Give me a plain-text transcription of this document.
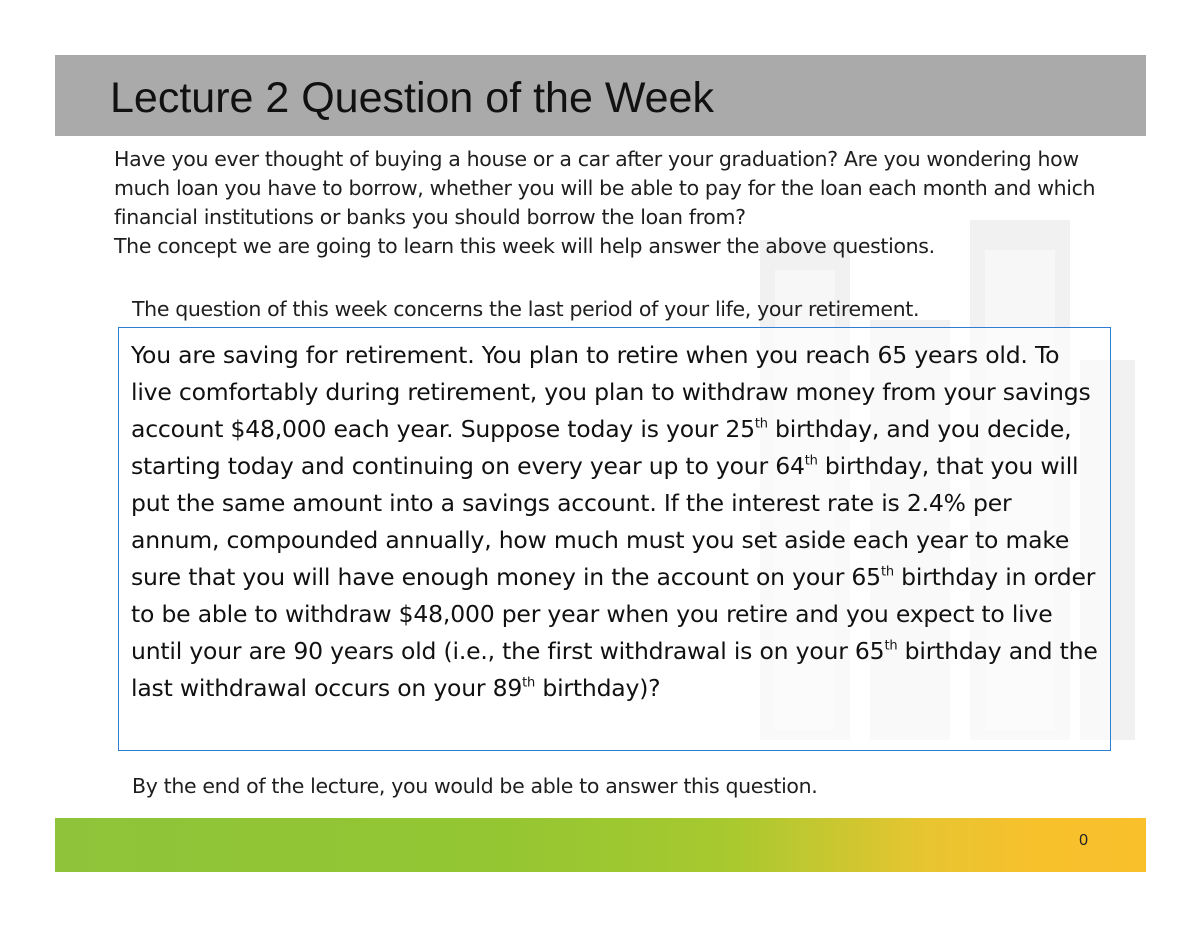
Lecture 2 Question of the Week

Have you ever thought of buying a house or a car after your graduation? Are you wondering how much loan you have to borrow, whether you will be able to pay for the loan each month and which financial institutions or banks you should borrow the loan from?

The concept we are going to learn this week will help answer the above questions.

The question of this week concerns the last period of your life, your retirement.

You are saving for retirement. You plan to retire when you reach 65 years old. To live comfortably during retirement, you plan to withdraw money from your savings account $48,000 each year. Suppose today is your 25th birthday, and you decide, starting today and continuing on every year up to your 64th birthday, that you will put the same amount into a savings account. If the interest rate is 2.4% per annum, compounded annually, how much must you set aside each year to make sure that you will have enough money in the account on your 65th birthday in order to be able to withdraw $48,000 per year when you retire and you expect to live until your are 90 years old (i.e., the first withdrawal is on your 65th birthday and the last withdrawal occurs on your 89th birthday)?

By the end of the lecture, you would be able to answer this question.

0
